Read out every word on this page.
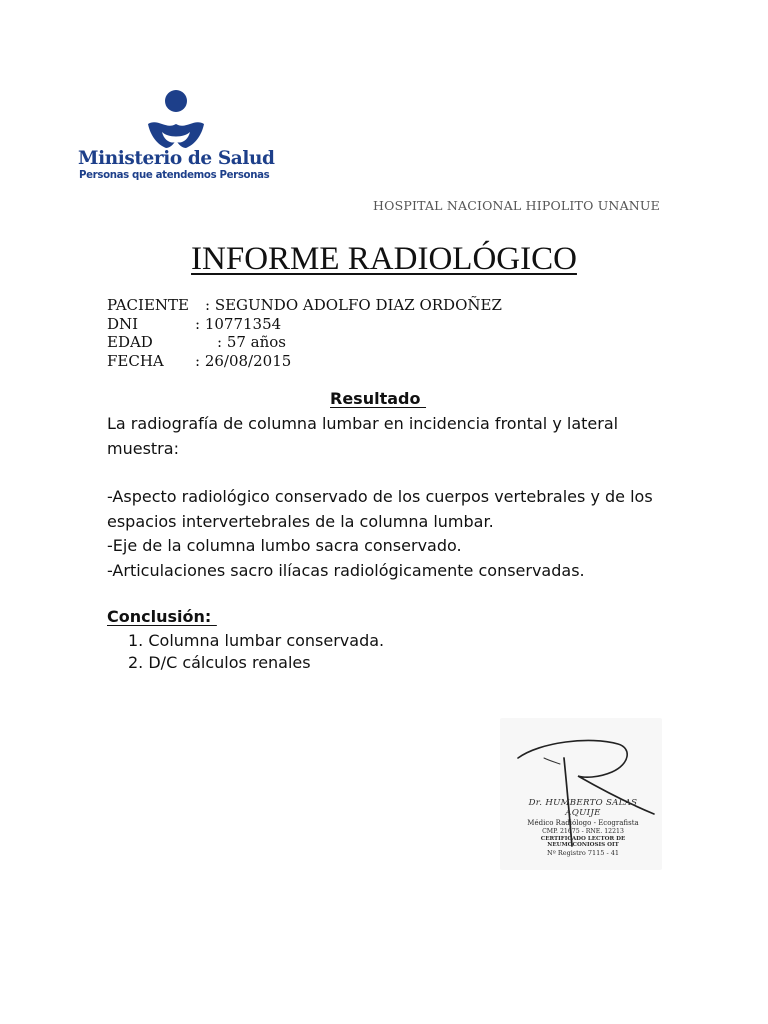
Ministerio de Salud
Personas que atendemos Personas
HOSPITAL NACIONAL HIPOLITO UNANUE
INFORME RADIOLÓGICO
PACIENTE : SEGUNDO ADOLFO DIAZ ORDOÑEZ
DNI	: 10771354
EDAD	: 57 años
FECHA : 26/08/2015
Resultado

La radiografía de columna lumbar en incidencia frontal y lateral muestra:

-Aspecto radiológico conservado de los cuerpos vertebrales y de los espacios intervertebrales de la columna lumbar.

-Eje de la columna lumbo sacra conservado.

-Articulaciones sacro ilíacas radiológicamente conservadas.

Conclusión:
1. Columna lumbar conservada.
2. D/C cálculos renales
Dr. HUMBERTO SALAS AQUIJE
Médico Radiólogo - Ecografista
CMP. 21675 - RNE. 12213
CERTIFICADO LECTOR DE NEUMOCONIOSIS OIT
Nº Registro 7115 - 41
